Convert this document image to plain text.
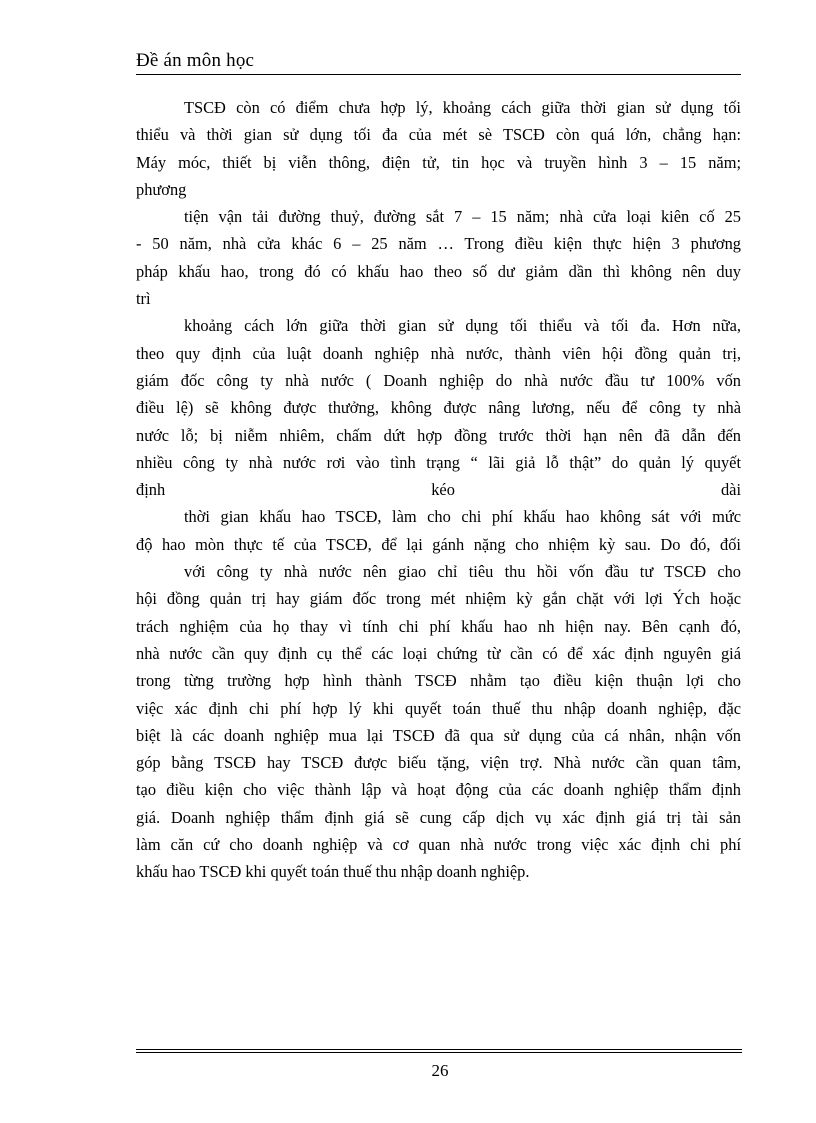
Đề án môn học
TSCĐ còn có điểm chưa hợp lý, khoảng cách giữa thời gian sử dụng tối
thiểu và thời gian sử dụng tối đa của mét sè TSCĐ còn quá lớn, chẳng hạn:
Máy móc, thiết bị viễn thông, điện tử, tin học và truyền hình 3 – 15 năm;
phương
tiện vận tải đường thuỷ, đường sắt 7 – 15 năm; nhà cửa loại kiên cố 25
- 50 năm, nhà cửa khác 6 – 25 năm … Trong điều kiện thực hiện 3 phương
pháp khấu hao, trong đó có khấu hao theo số dư giảm dần thì không nên duy
trì
khoảng cách lớn giữa thời gian sử dụng tối thiểu và tối đa. Hơn nữa,
theo quy định của luật doanh nghiệp nhà nước, thành viên hội đồng quản trị,
giám đốc công ty nhà nước ( Doanh nghiệp do nhà nước đầu tư 100% vốn
điều lệ) sẽ không được thưởng, không được nâng lương, nếu để công ty nhà
nước lỗ; bị niễm nhiêm, chấm dứt hợp đồng trước thời hạn nên đã dẫn đến
nhiều công ty nhà nước rơi vào tình trạng “ lãi giả lỗ thật” do quản lý quyết
định kéo dài
thời gian khấu hao TSCĐ, làm cho chi phí khấu hao không sát với mức
độ hao mòn thực tế của TSCĐ, để lại gánh nặng cho nhiệm kỳ sau. Do đó, đối
với công ty nhà nước nên giao chỉ tiêu thu hồi vốn đầu tư TSCĐ cho
hội đồng quản trị hay giám đốc trong mét nhiệm kỳ gắn chặt với lợi Ých hoặc
trách nghiệm của họ thay vì tính chi phí khấu hao nh hiện nay. Bên cạnh đó,
nhà nước cần quy định cụ thể các loại chứng từ cần có để xác định nguyên giá
trong từng trường hợp hình thành TSCĐ nhằm tạo điều kiện thuận lợi cho
việc xác định chi phí hợp lý khi quyết toán thuế thu nhập doanh nghiệp, đặc
biệt là các doanh nghiệp mua lại TSCĐ đã qua sử dụng của cá nhân, nhận vốn
góp bằng TSCĐ hay TSCĐ được biếu tặng, viện trợ. Nhà nước cần quan tâm,
tạo điều kiện cho việc thành lập và hoạt động của các doanh nghiệp thẩm định
giá. Doanh nghiệp thẩm định giá sẽ cung cấp dịch vụ xác định giá trị tài sản
làm căn cứ cho doanh nghiệp và cơ quan nhà nước trong việc xác định chi phí
khấu hao TSCĐ khi quyết toán thuế thu nhập doanh nghiệp.
26
